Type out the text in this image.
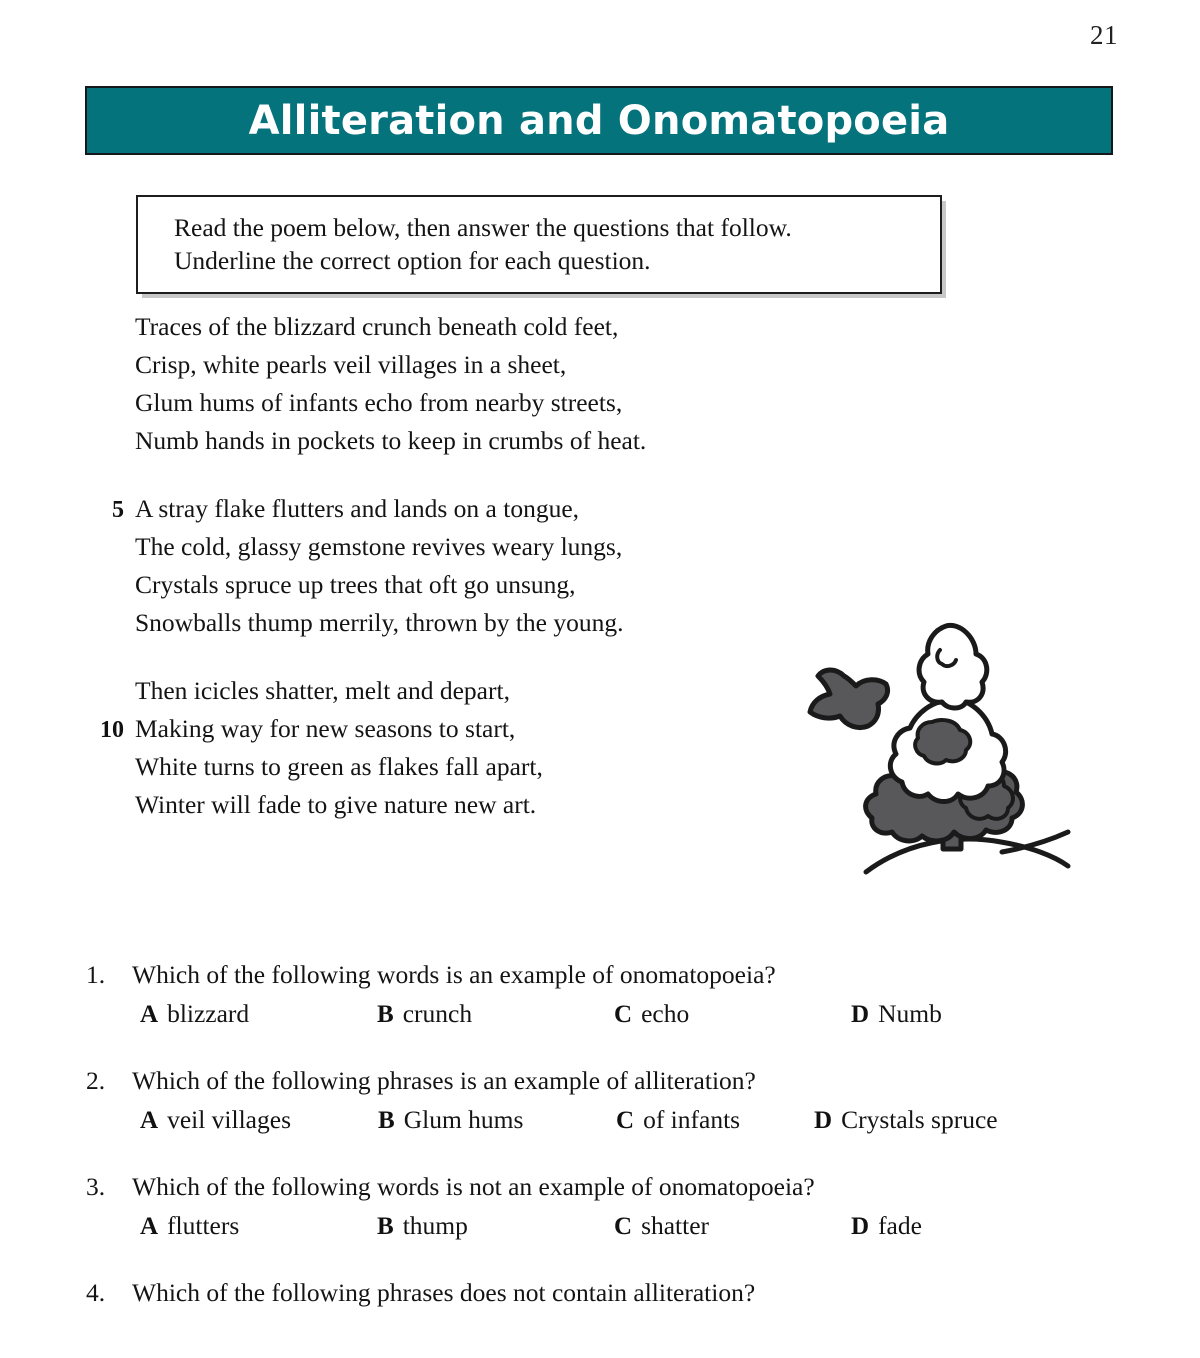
21
Alliteration and Onomatopoeia
Read the poem below, then answer the questions that follow.
Underline the correct option for each question.
Traces of the blizzard crunch beneath cold feet,
Crisp, white pearls veil villages in a sheet,
Glum hums of infants echo from nearby streets,
Numb hands in pockets to keep in crumbs of heat.
5 A stray flake flutters and lands on a tongue,
The cold, glassy gemstone revives weary lungs,
Crystals spruce up trees that oft go unsung,
Snowballs thump merrily, thrown by the young.
Then icicles shatter, melt and depart,
10 Making way for new seasons to start,
White turns to green as flakes fall apart,
Winter will fade to give nature new art.
1.	Which of the following words is an example of onomatopoeia?
A blizzard	B crunch	C echo	D Numb
2.	Which of the following phrases is an example of alliteration?
A veil villages	B Glum hums	C of infants	D Crystals spruce
3.	Which of the following words is not an example of onomatopoeia?
A flutters	B thump	C shatter	D fade
4.	Which of the following phrases does not contain alliteration?
